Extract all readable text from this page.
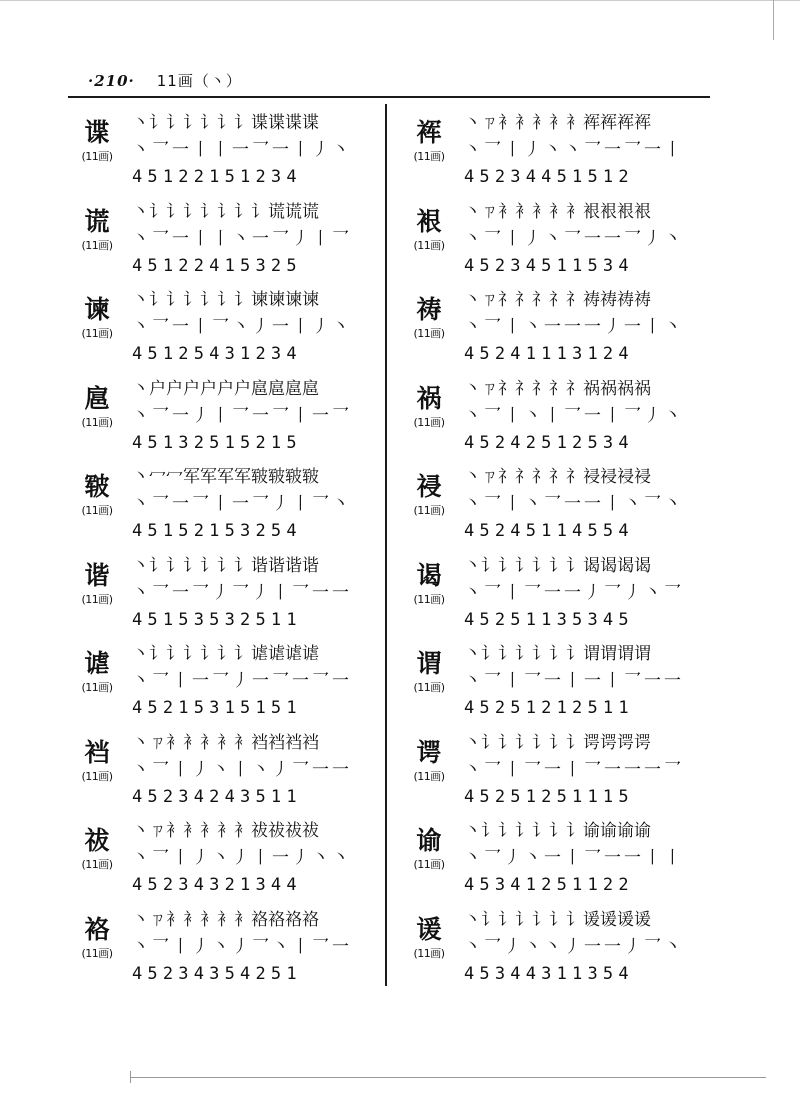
·210· 11画（丶）
谍
(11画)
丶讠讠讠讠讠讠谍谍谍谍
丶乛一丨丨一乛一丨丿丶
45122151234
谎
(11画)
丶讠讠讠讠讠讠讠谎谎谎
丶乛一丨丨丶一乛丿丨乛
45122415325
谏
(11画)
丶讠讠讠讠讠讠谏谏谏谏
丶乛一丨乛丶丿一丨丿丶
45125431234
扈
(11画)
丶户户户户户户扈扈扈扈
丶乛一丿丨乛一乛丨一乛
45132515215
皲
(11画)
丶冖冖军军军军皲皲皲皲
丶乛一乛丨一乛丿丨乛丶
45152153254
谐
(11画)
丶讠讠讠讠讠讠谐谐谐谐
丶乛一乛丿乛丿丨乛一一
45153532511
谑
(11画)
丶讠讠讠讠讠讠谑谑谑谑
丶乛丨一乛丿一乛一乛一
45215315151
裆
(11画)
丶ㄗ衤衤衤衤衤裆裆裆裆
丶乛丨丿丶丨丶丿乛一一
45234243511
祓
(11画)
丶ㄗ衤衤衤衤衤祓祓祓祓
丶乛丨丿丶丿丨一丿丶丶
45234321344
袼
(11画)
丶ㄗ衤衤衤衤衤袼袼袼袼
丶乛丨丿丶丿乛丶丨乛一
45234354251
裈
(11画)
丶ㄗ衤衤衤衤衤裈裈裈裈
丶乛丨丿丶丶乛一乛一丨
45234451512
裉
(11画)
丶ㄗ衤衤衤衤衤裉裉裉裉
丶乛丨丿丶乛一一乛丿丶
45234511534
祷
(11画)
丶ㄗ礻礻礻礻礻祷祷祷祷
丶乛丨丶一一一丿一丨丶
45241113124
祸
(11画)
丶ㄗ礻礻礻礻礻祸祸祸祸
丶乛丨丶丨乛一丨乛丿丶
45242512534
祲
(11画)
丶ㄗ礻礻礻礻礻祲祲祲祲
丶乛丨丶乛一一丨丶乛丶
45245114554
谒
(11画)
丶讠讠讠讠讠讠谒谒谒谒
丶乛丨乛一一丿乛丿丶乛
45251135345
谓
(11画)
丶讠讠讠讠讠讠谓谓谓谓
丶乛丨乛一丨一丨乛一一
45251212511
谔
(11画)
丶讠讠讠讠讠讠谔谔谔谔
丶乛丨乛一丨乛一一一乛
45251251115
谕
(11画)
丶讠讠讠讠讠讠谕谕谕谕
丶乛丿丶一丨乛一一丨丨
45341251122
谖
(11画)
丶讠讠讠讠讠讠谖谖谖谖
丶乛丿丶丶丿一一丿乛丶
45344311354
